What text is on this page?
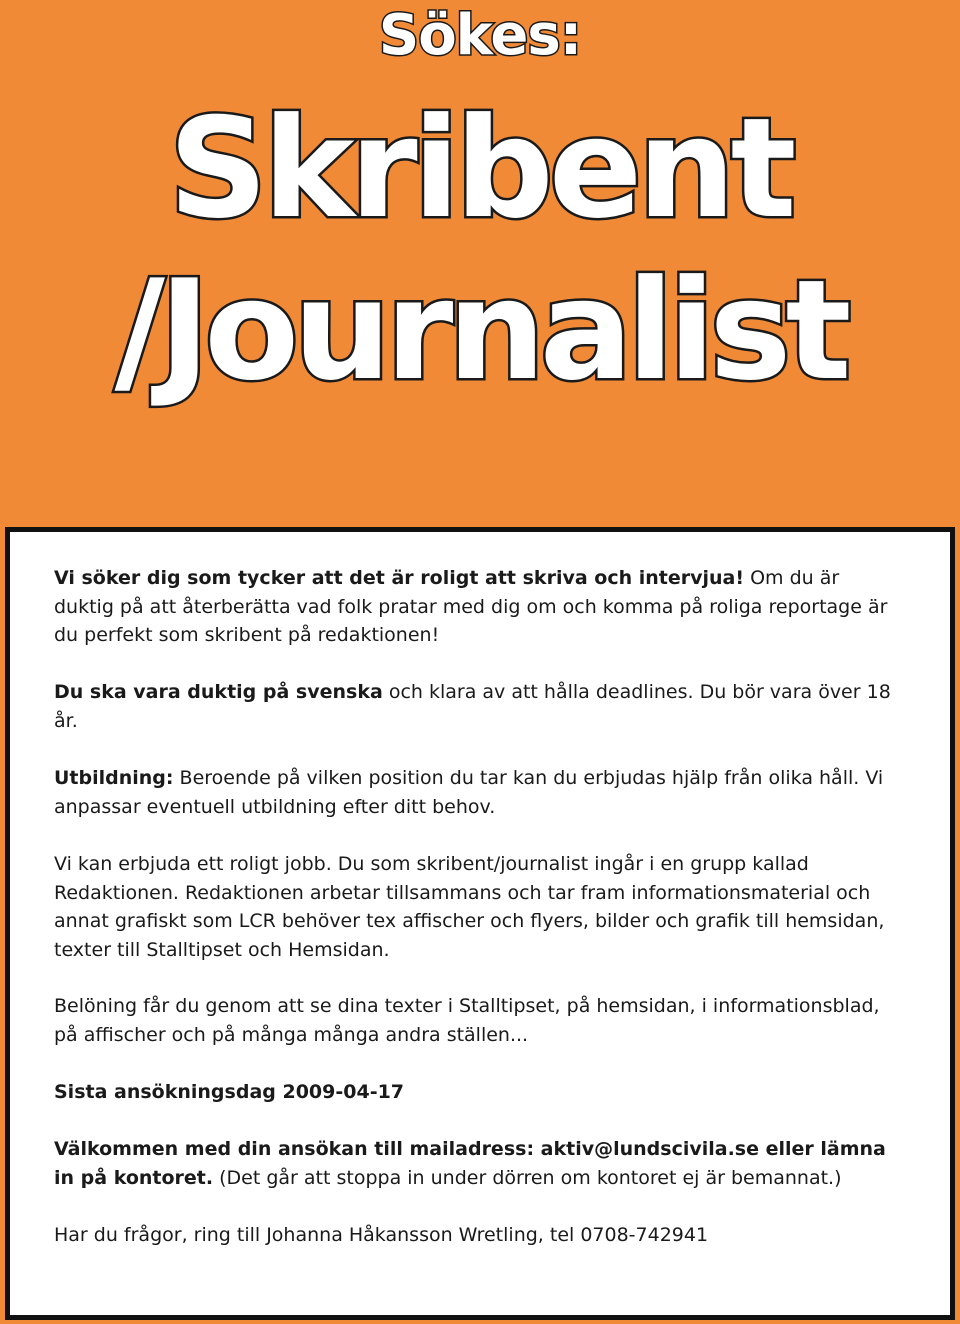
Sökes:
Skribent
/Journalist

Vi söker dig som tycker att det är roligt att skriva och intervjua! Om du är duktig på att återberätta vad folk pratar med dig om och komma på roliga reportage är du perfekt som skribent på redaktionen!

Du ska vara duktig på svenska och klara av att hålla deadlines. Du bör vara över 18 år.

Utbildning: Beroende på vilken position du tar kan du erbjudas hjälp från olika håll. Vi anpassar eventuell utbildning efter ditt behov.

Vi kan erbjuda ett roligt jobb. Du som skribent/journalist ingår i en grupp kallad Redaktionen. Redaktionen arbetar tillsammans och tar fram informationsmaterial och annat grafiskt som LCR behöver tex affischer och flyers, bilder och grafik till hemsidan, texter till Stalltipset och Hemsidan.

Belöning får du genom att se dina texter i Stalltipset, på hemsidan, i informationsblad, på affischer och på många många andra ställen...

Sista ansökningsdag 2009-04-17

Välkommen med din ansökan till mailadress: aktiv@lundscivila.se eller lämna in på kontoret. (Det går att stoppa in under dörren om kontoret ej är bemannat.)

Har du frågor, ring till Johanna Håkansson Wretling, tel 0708-742941
